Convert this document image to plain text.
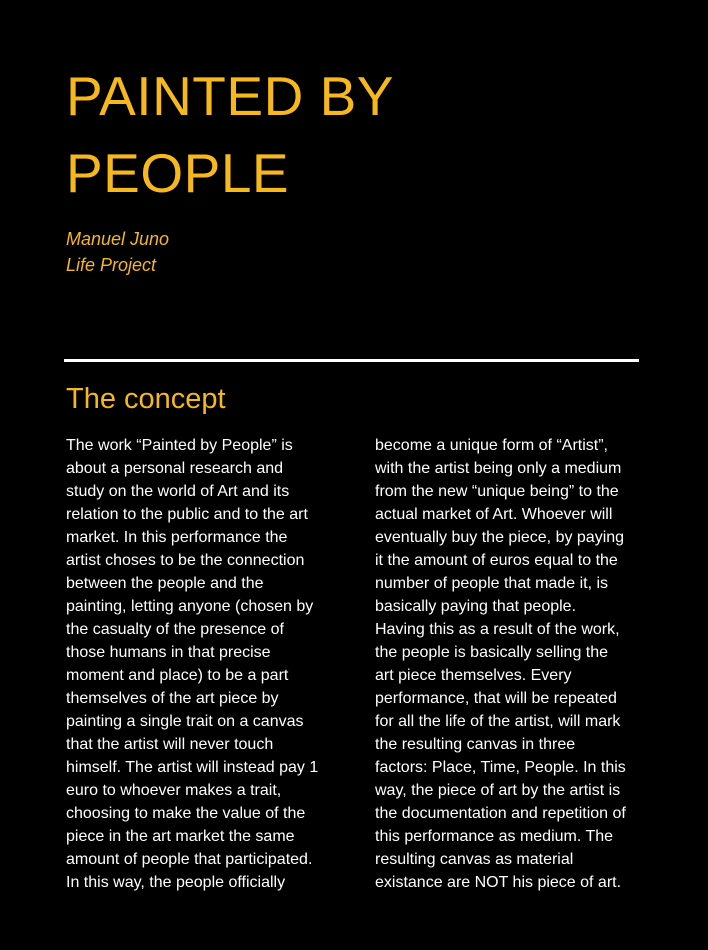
PAINTED BY
PEOPLE
Manuel Juno
Life Project
The concept
The work “Painted by People” is
about a personal research and
study on the world of Art and its
relation to the public and to the art
market. In this performance the
artist choses to be the connection
between the people and the
painting, letting anyone (chosen by
the casualty of the presence of
those humans in that precise
moment and place) to be a part
themselves of the art piece by
painting a single trait on a canvas
that the artist will never touch
himself. The artist will instead pay 1
euro to whoever makes a trait,
choosing to make the value of the
piece in the art market the same
amount of people that participated.
In this way, the people officially
become a unique form of “Artist”,
with the artist being only a medium
from the new “unique being” to the
actual market of Art. Whoever will
eventually buy the piece, by paying
it the amount of euros equal to the
number of people that made it, is
basically paying that people.
Having this as a result of the work,
the people is basically selling the
art piece themselves. Every
performance, that will be repeated
for all the life of the artist, will mark
the resulting canvas in three
factors: Place, Time, People. In this
way, the piece of art by the artist is
the documentation and repetition of
this performance as medium. The
resulting canvas as material
existance are NOT his piece of art.
